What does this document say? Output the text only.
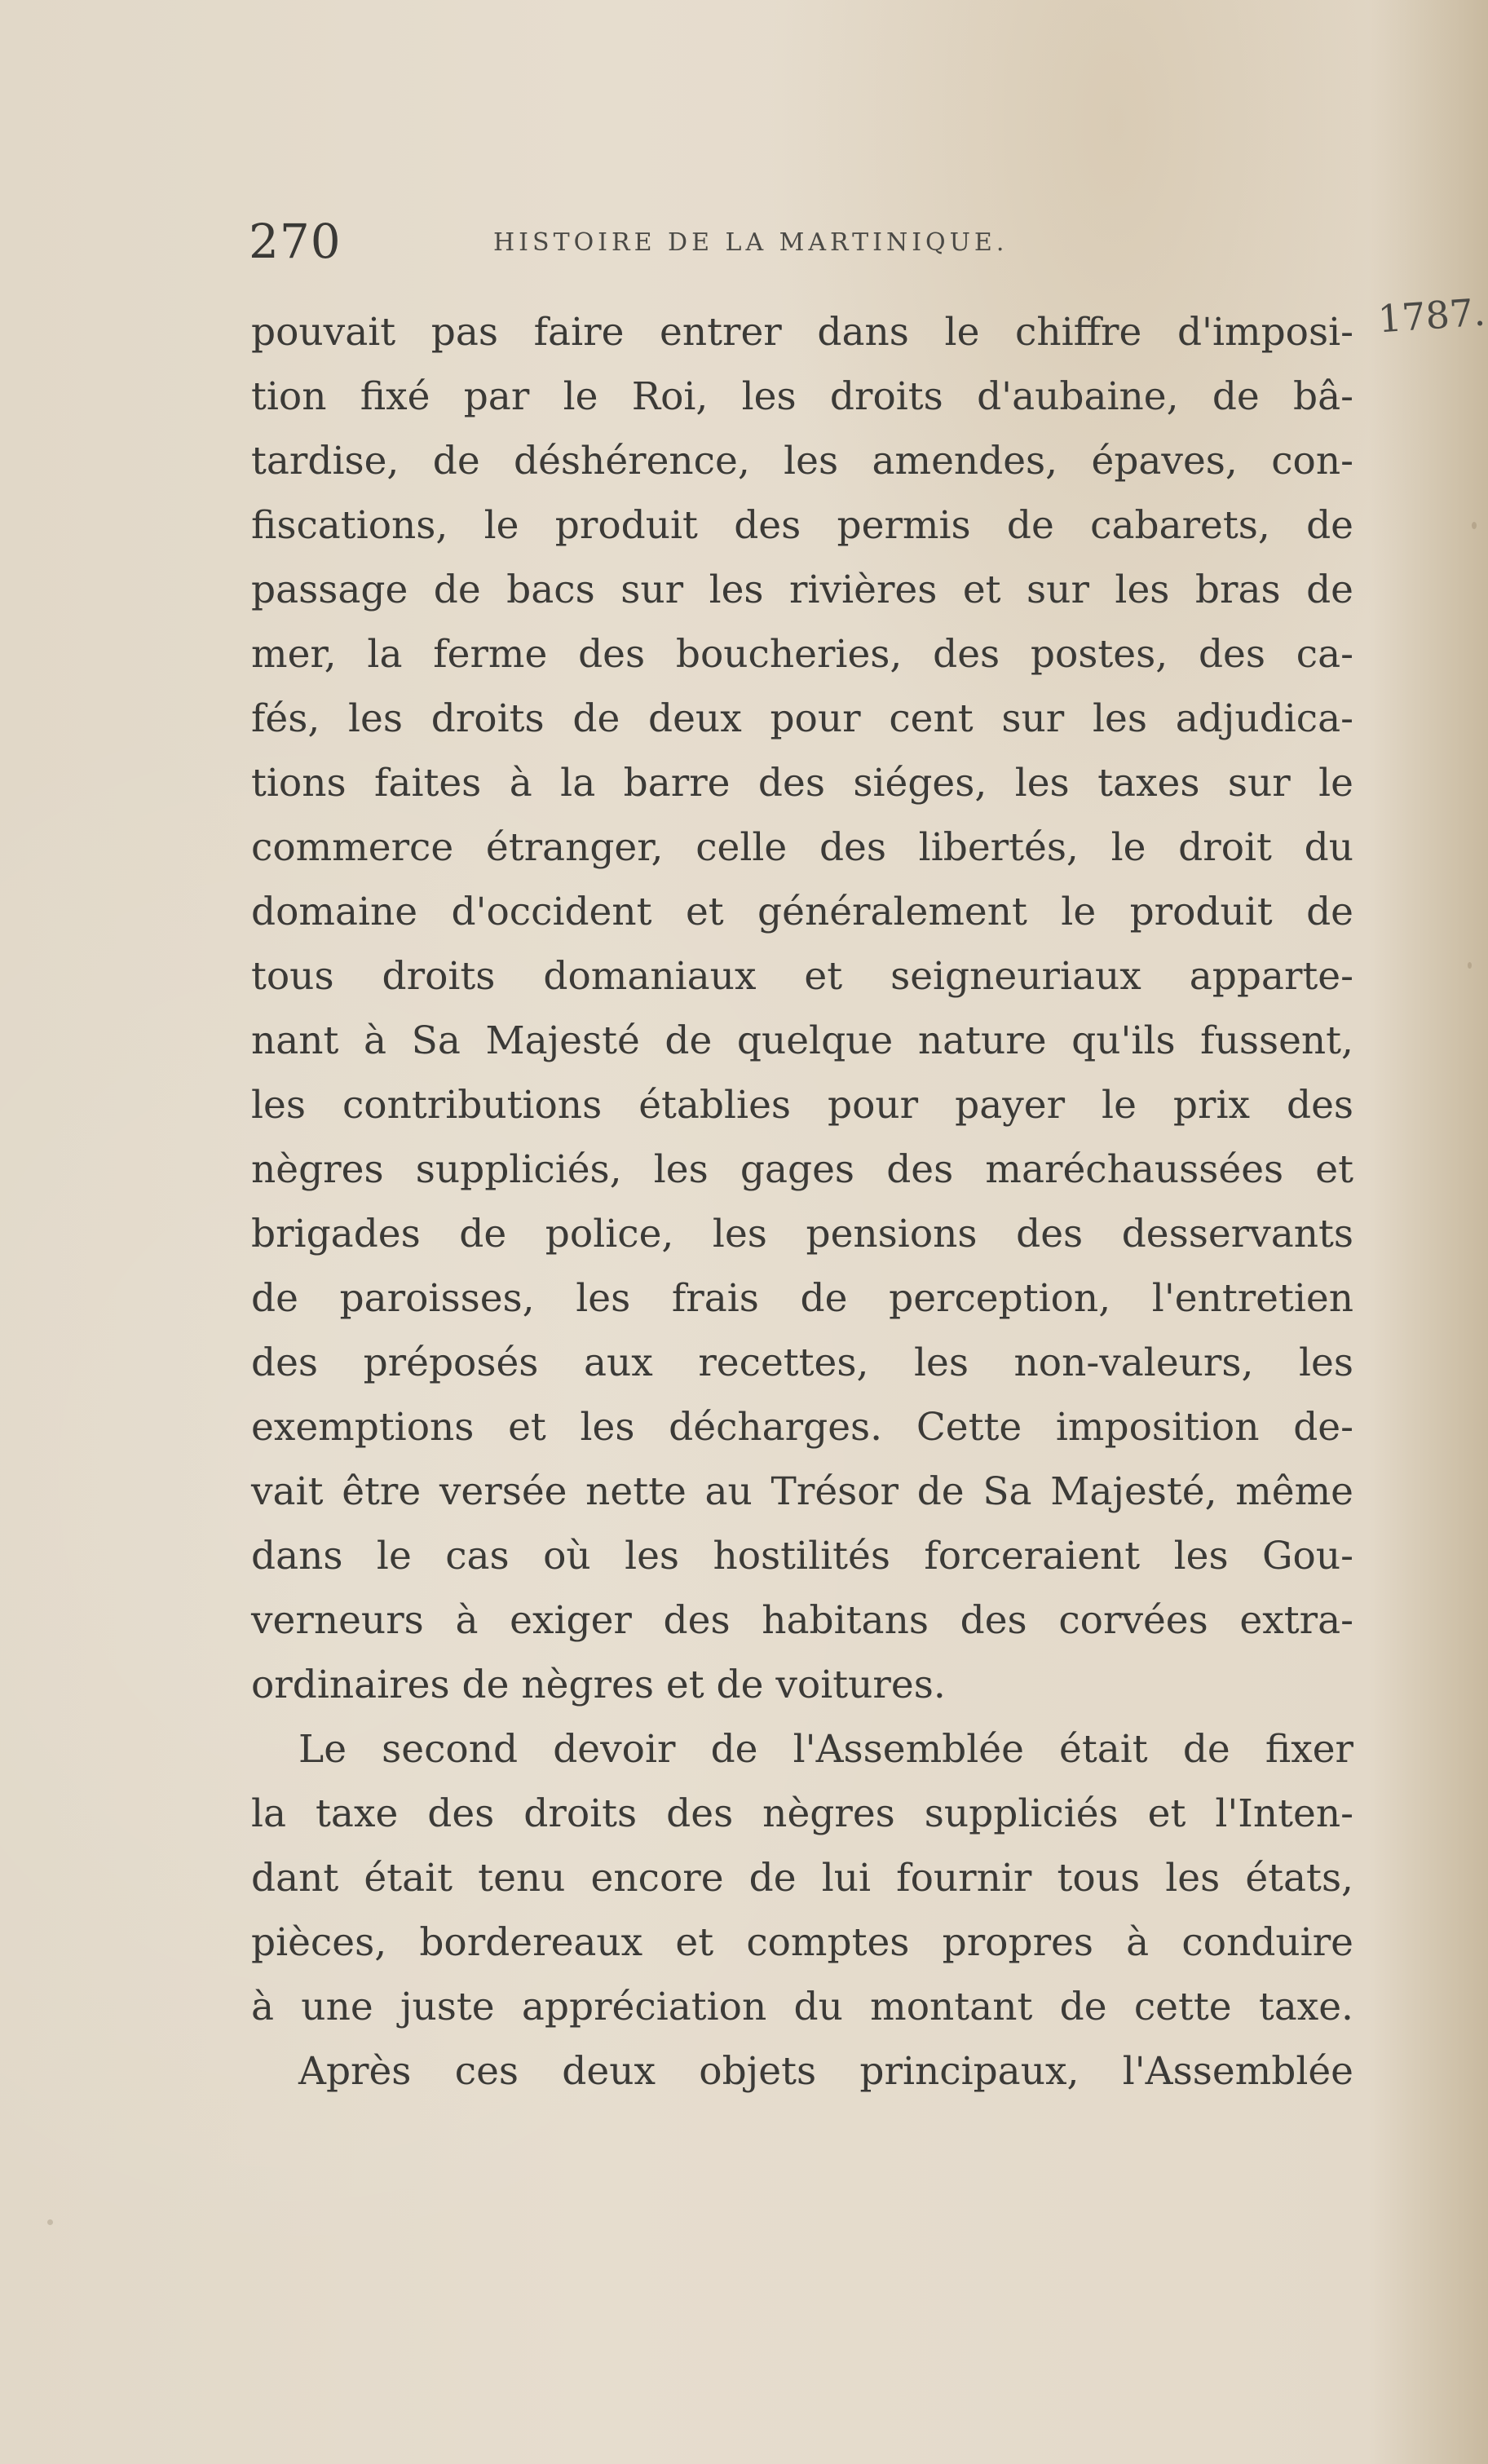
270	HISTOIRE DE LA MARTINIQUE.
1787.
pouvait pas faire entrer dans le chiffre d'imposi-
tion fixé par le Roi, les droits d'aubaine, de bâ-
tardise, de déshérence, les amendes, épaves, con-
fiscations, le produit des permis de cabarets, de
passage de bacs sur les rivières et sur les bras de
mer, la ferme des boucheries, des postes, des ca-
fés, les droits de deux pour cent sur les adjudica-
tions faites à la barre des siéges, les taxes sur le
commerce étranger, celle des libertés, le droit du
domaine d'occident et généralement le produit de
tous droits domaniaux et seigneuriaux apparte-
nant à Sa Majesté de quelque nature qu'ils fussent,
les contributions établies pour payer le prix des
nègres suppliciés, les gages des maréchaussées et
brigades de police, les pensions des desservants
de paroisses, les frais de perception, l'entretien
des préposés aux recettes, les non-valeurs, les
exemptions et les décharges. Cette imposition de-
vait être versée nette au Trésor de Sa Majesté, même
dans le cas où les hostilités forceraient les Gou-
verneurs à exiger des habitans des corvées extra-
ordinaires de nègres et de voitures.
Le second devoir de l'Assemblée était de fixer
la taxe des droits des nègres suppliciés et l'Inten-
dant était tenu encore de lui fournir tous les états,
pièces, bordereaux et comptes propres à conduire
à une juste appréciation du montant de cette taxe.
Après ces deux objets principaux, l'Assemblée
